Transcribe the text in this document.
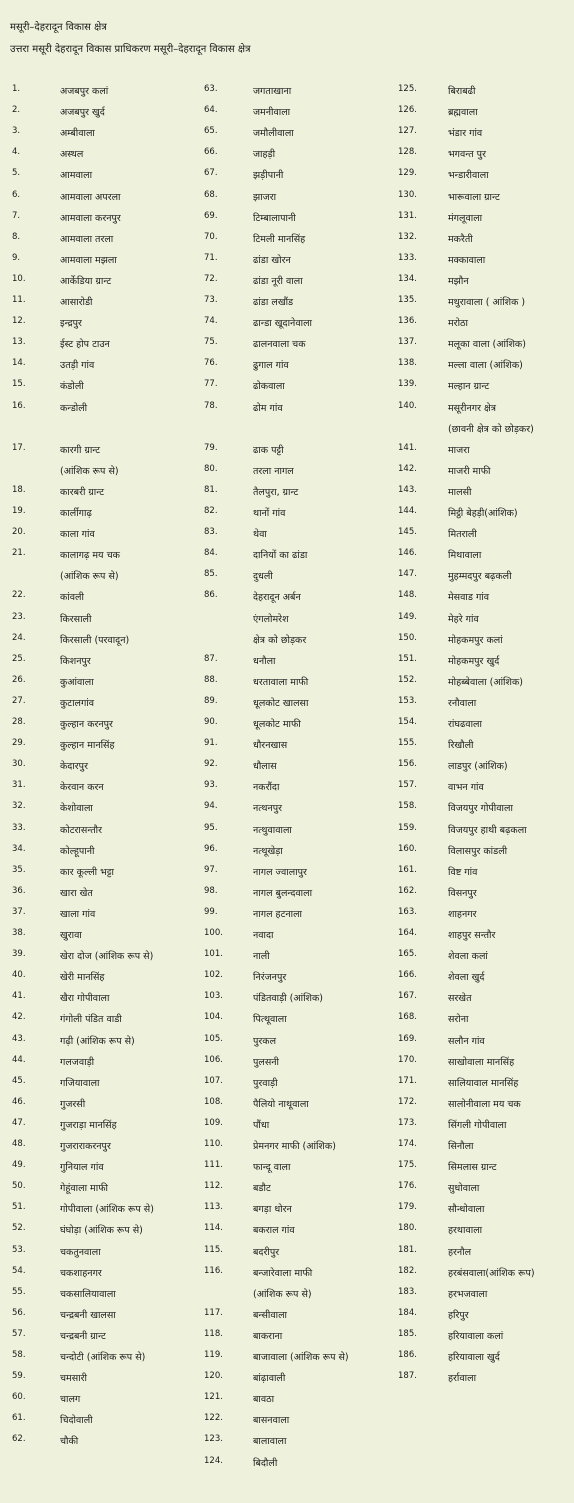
मसूरी–देहरादून विकास क्षेत्र
उत्तरा मसूरी देहरादून विकास प्राधिकरण मसूरी–देहरादून विकास क्षेत्र
1.	अजबपुर कलां
2.	अजबपुर खुर्द
3.	अम्बीवाला
4.	अस्थल
5.	आमवाला
6.	आमवाला अपरला
7.	आमवाला करनपुर
8.	आमवाला तरला
9.	आमवाला मझला
10.	आर्केडिया ग्रान्ट
11.	आसारोडी
12.	इन्द्रपुर
13.	ईस्ट होप टाउन
14.	उतड़ी गांव
15.	कंडोली
16.	कन्डोली
17.	कारगी ग्रान्ट
(आंशिक रूप से)
18.	कारबरी ग्रान्ट
19.	कार्लीगाढ़
20.	काला गांव
21.	कालागढ़ मय चक
(आंशिक रूप से)
22.	कांवली
23.	किरसाली
24.	किरसाली (परवादून)
25.	किशनपुर
26.	कुआंवाला
27.	कुटालगांव
28.	कुल्हान करनपुर
29.	कुल्हान मानसिंह
30.	केदारपुर
31.	केरवान करन
32.	केशोवाला
33.	कोटरासन्तौर
34.	कोल्हूपानी
35.	कार कूल्ली भट्टा
36.	खारा खेत
37.	खाला गांव
38.	खुरावा
39.	खेरा दोज (आंशिक रूप से)
40.	खेरी मानसिंह
41.	खैरा गोपीवाला
42.	गंगोली पंडित वाडी
43.	गढ़ी (आंशिक रूप से)
44.	गलजवाड़ी
45.	गजियावाला
46.	गुजरसी
47.	गुजराड़ा मानसिंह
48.	गुजराराकरनपुर
49.	गुनियाल गांव
50.	गेहूंवाला माफी
51.	गोपीवाला (आंशिक रूप से)
52.	घंघोड़ा (आंशिक रूप से)
53.	चकतुनवाला
54.	चकशाहनगर
55.	चकसालियावाला
56.	चन्द्रबनी खालसा
57.	चन्द्रबनी ग्रान्ट
58.	चन्दोटी (आंशिक रूप से)
59.	चमसारी
60.	चालग
61.	चिदोवाली
62.	चौकी
63.	जगताखाना
64.	जमनीवाला
65.	जमौलीवाला
66.	जाहड़ी
67.	झड़ीपानी
68.	झाजरा
69.	टिम्बालापानी
70.	टिमली मानसिंह
71.	ढांडा खोरन
72.	ढांडा नूरी वाला
73.	ढांडा लखौंड
74.	ढान्डा खूदानेवाला
75.	ढालनवाला चक
76.	ढुगाल गांव
77.	ढोकवाला
78.	ढोम गांव
79.	ढाक पट्टी
80.	तरला नागल
81.	तैलपुरा, ग्रान्ट
82.	थानों गांव
83.	थेवा
84.	दानियों का ढांडा
85.	दुधली
86.	देहरादून अर्बन
एंगलोमरेश
क्षेत्र को छोड़कर
87.	धनौला
88.	धरतावाला माफी
89.	धूलकोट खालसा
90.	धूलकोट माफी
91.	धौरनखास
92.	धौलास
93.	नकरौंदा
94.	नत्थनपुर
95.	नत्थुवावाला
96.	नत्थूखेड़ा
97.	नागल ज्वालापुर
98.	नागल बुलन्दवाला
99.	नागल हटनाला
100.	नवादा
101.	नाली
102.	निरंजनपुर
103.	पंडितवाड़ी (आंशिक)
104.	पित्थूवाला
105.	पुरकल
106.	पुलसनी
107.	पुरवाड़ी
108.	पैलियो नाथूवाला
109.	पौंधा
110.	प्रेमनगर माफी (आंशिक)
111.	फान्दू वाला
112.	बडौट
113.	बगड़ा धोरन
114.	बकराल गांव
115.	बदरीपुर
116.	बन्जारेवाला माफी
(आंशिक रूप से)
117.	बन्सीवाला
118.	बाकराना
119.	बाजावाला (आंशिक रूप से)
120.	बांढ़ावाली
121.	बावठा
122.	बासनवाला
123.	बालावाला
124.	बिदौली
125.	बिराबढी
126.	ब्रह्मवाला
127.	भंडार गांव
128.	भगवन्त पुर
129.	भन्डारीवाला
130.	भारूवाला ग्रान्ट
131.	मंगलूवाला
132.	मकरैती
133.	मक्कावाला
134.	मझौन
135.	मथुरावाला ( आंशिक )
136.	मरोठा
137.	मलूका वाला (आंशिक)
138.	मल्ला वाला (आंशिक)
139.	मल्हान ग्रान्ट
140.	मसूरीनगर क्षेत्र
(छावनी क्षेत्र को छोड़कर)
141.	माजरा
142.	माजरी माफी
143.	मालसी
144.	मिट्ठी बेहड़ी(आंशिक)
145.	मितराली
146.	मिथावाला
147.	मुहम्मदपुर बढ़कली
148.	मेसवाड गांव
149.	मेहरे गांव
150.	मोहकमपुर कलां
151.	मोहकमपुर खुर्द
152.	मोहब्बेवाला (आंशिक)
153.	रनौवाला
154.	रांघढवाला
155.	रिखौली
156.	लाडपुर (आंशिक)
157.	वाभन गांव
158.	विजयपुर गोपीवाला
159.	विजयपुर हाथी बढ़कला
160.	विलासपुर कांडली
161.	विष्ट गांव
162.	विसनपुर
163.	शाहनगर
164.	शाहपुर सन्तौर
165.	शेवला कलां
166.	शेवला खुर्द
167.	सरखेत
168.	सरोना
169.	सलौन गांव
170.	साखोवाला मानसिंह
171.	सालियावाल मानसिंह
172.	सालोनीवाला मय चक
173.	सिंगली गोपीवाला
174.	सिनौला
175.	सिमलास ग्रान्ट
176.	सुधोवाला
179.	सौन्धोवाला
180.	हरथावाला
181.	हरनौल
182.	हरबंसवाला(आंशिक रूप)
183.	हरभजवाला
184.	हरिपुर
185.	हरियावाला कलां
186.	हरियावाला खुर्द
187.	हर्रावाला
